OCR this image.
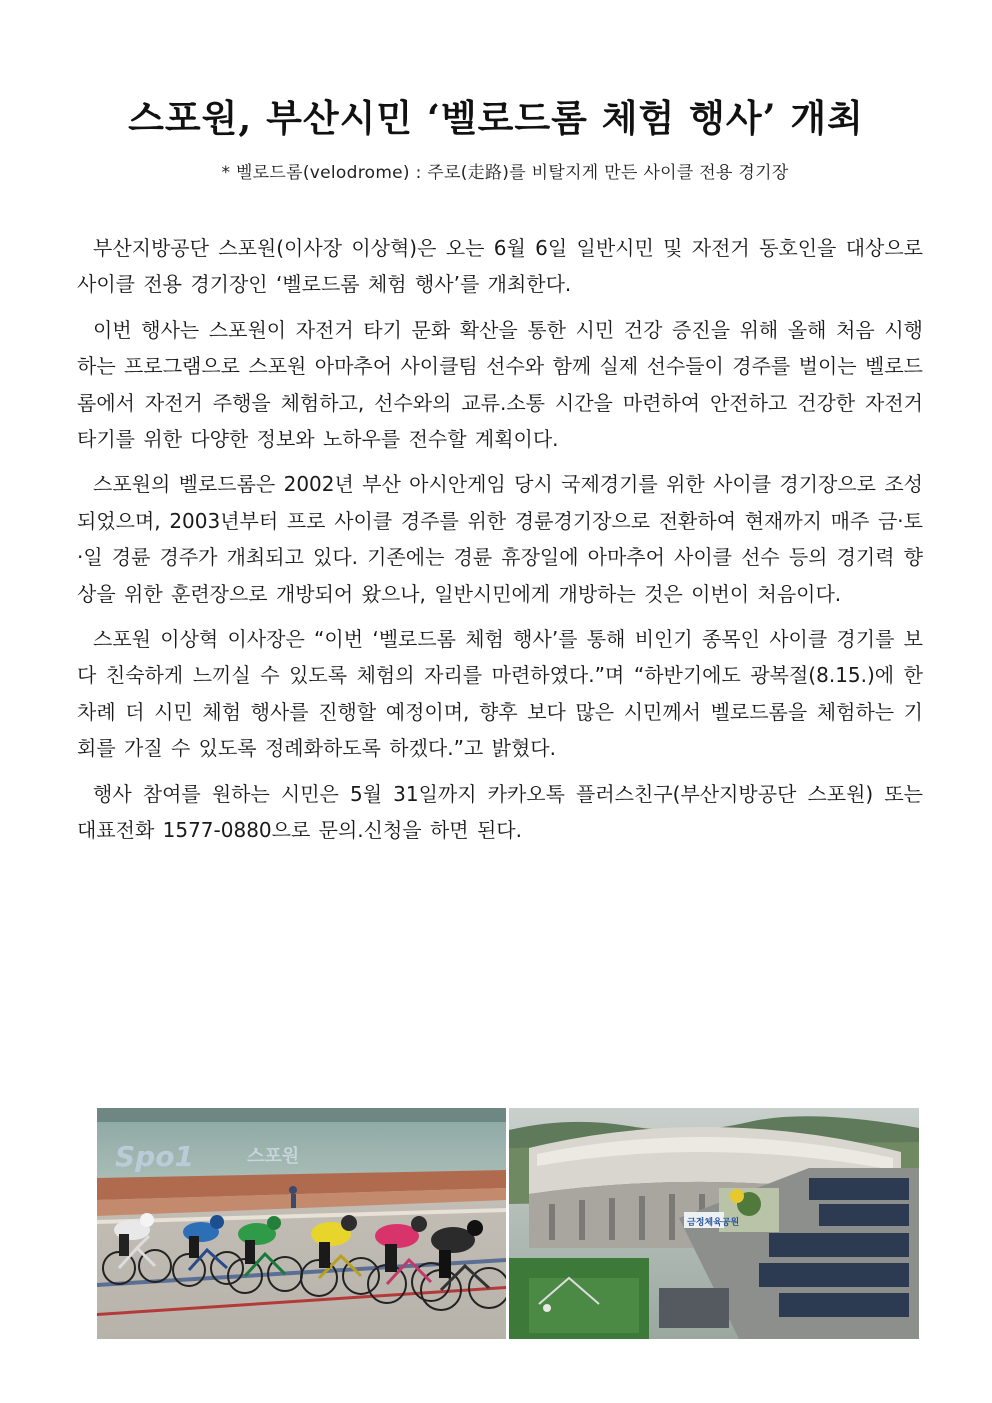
스포원, 부산시민 ‘벨로드롬 체험 행사’ 개최
* 벨로드롬(velodrome) : 주로(走路)를 비탈지게 만든 사이클 전용 경기장

부산지방공단 스포원(이사장 이상혁)은 오는 6월 6일 일반시민 및 자전거 동호인을 대상으로 사이클 전용 경기장인 ‘벨로드롬 체험 행사’를 개최한다.

이번 행사는 스포원이 자전거 타기 문화 확산을 통한 시민 건강 증진을 위해 올해 처음 시행하는 프로그램으로 스포원 아마추어 사이클팀 선수와 함께 실제 선수들이 경주를 벌이는 벨로드롬에서 자전거 주행을 체험하고, 선수와의 교류.소통 시간을 마련하여 안전하고 건강한 자전거 타기를 위한 다양한 정보와 노하우를 전수할 계획이다.

스포원의 벨로드롬은 2002년 부산 아시안게임 당시 국제경기를 위한 사이클 경기장으로 조성되었으며, 2003년부터 프로 사이클 경주를 위한 경륜경기장으로 전환하여 현재까지 매주 금·토·일 경륜 경주가 개최되고 있다. 기존에는 경륜 휴장일에 아마추어 사이클 선수 등의 경기력 향상을 위한 훈련장으로 개방되어 왔으나, 일반시민에게 개방하는 것은 이번이 처음이다.

스포원 이상혁 이사장은 “이번 ‘벨로드롬 체험 행사’를 통해 비인기 종목인 사이클 경기를 보다 친숙하게 느끼실 수 있도록 체험의 자리를 마련하였다.”며 “하반기에도 광복절(8.15.)에 한 차례 더 시민 체험 행사를 진행할 예정이며, 향후 보다 많은 시민께서 벨로드롬을 체험하는 기회를 가질 수 있도록 정례화하도록 하겠다.”고 밝혔다.

행사 참여를 원하는 시민은 5월 31일까지 카카오톡 플러스친구(부산지방공단 스포원) 또는 대표전화 1577-0880으로 문의.신청을 하면 된다.

Spo1	스포원
금정체육공원
